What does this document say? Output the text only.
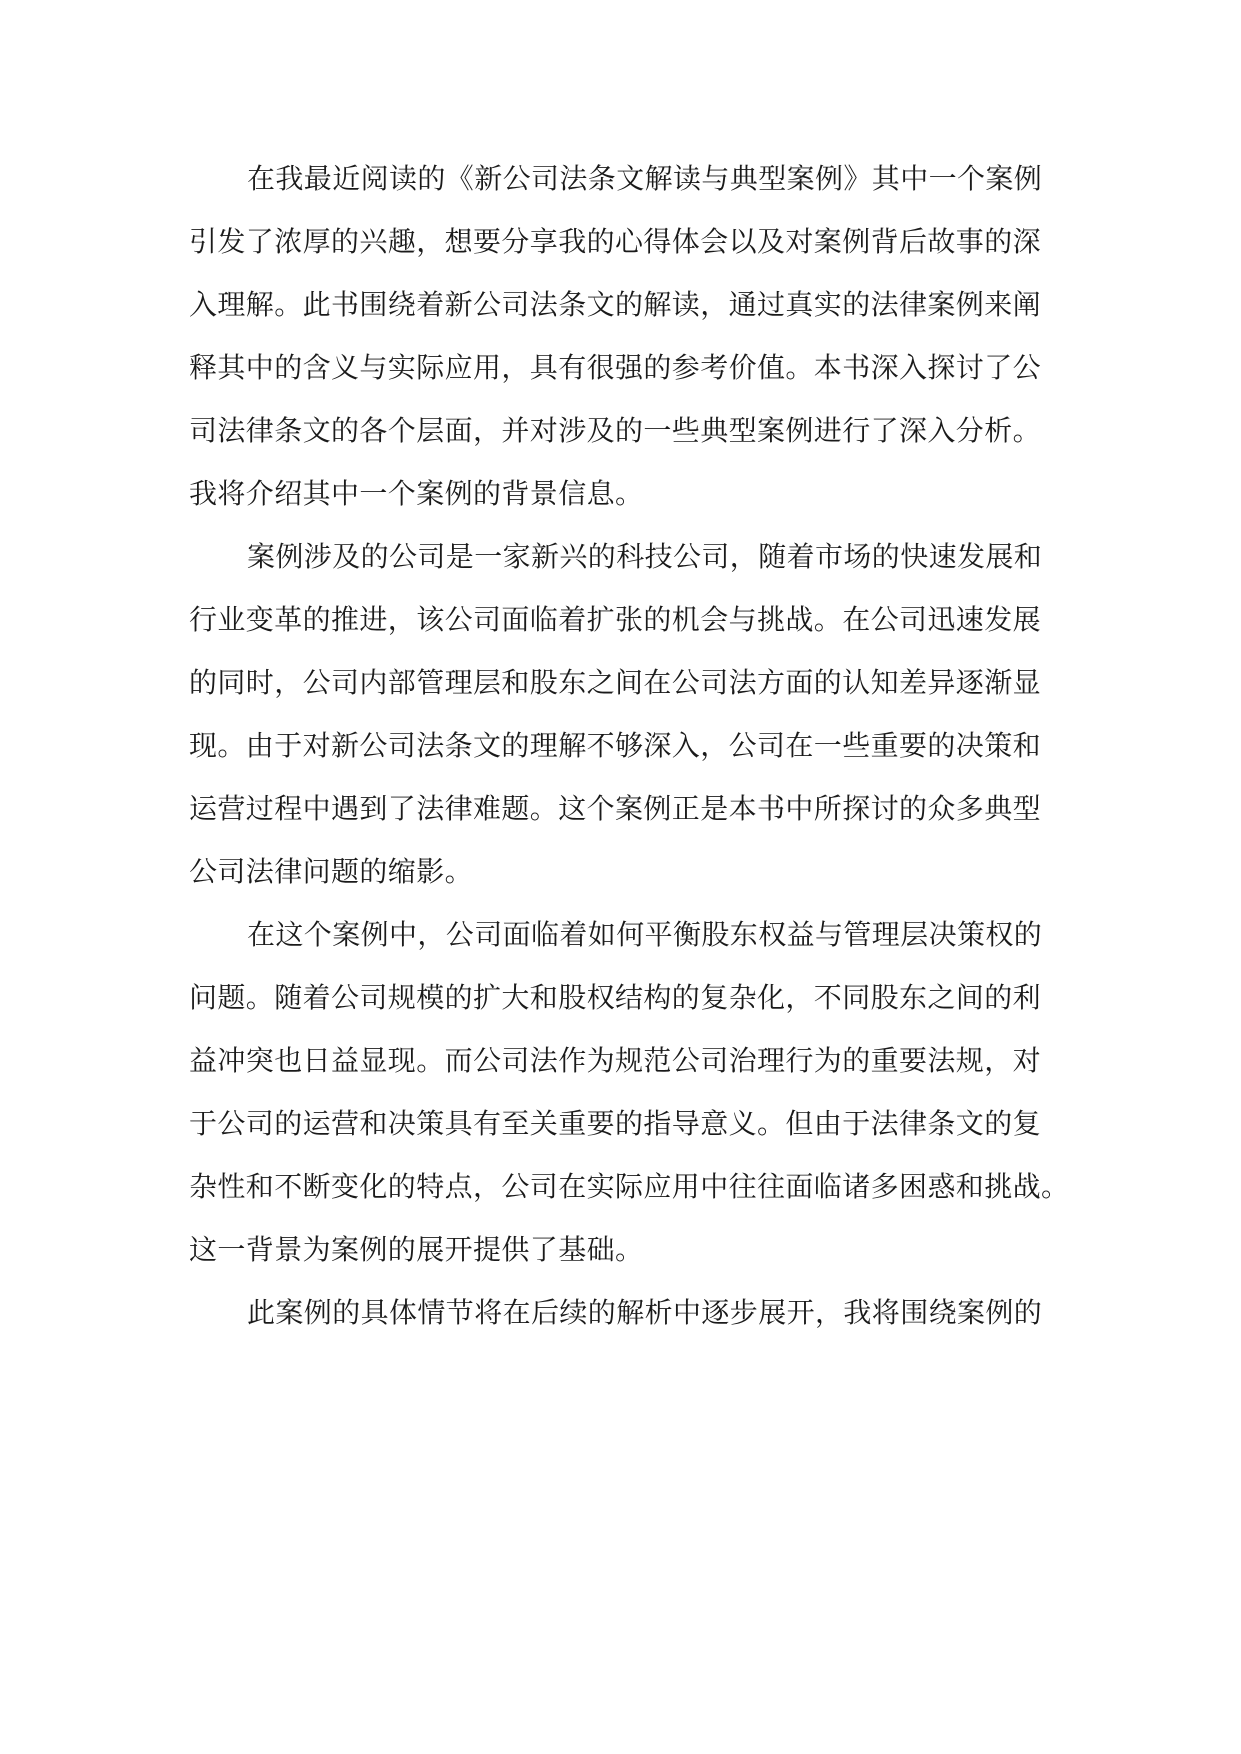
在我最近阅读的《新公司法条文解读与典型案例》其中一个案例
引发了浓厚的兴趣，想要分享我的心得体会以及对案例背后故事的深
入理解。此书围绕着新公司法条文的解读，通过真实的法律案例来阐
释其中的含义与实际应用，具有很强的参考价值。本书深入探讨了公
司法律条文的各个层面，并对涉及的一些典型案例进行了深入分析。
我将介绍其中一个案例的背景信息。
案例涉及的公司是一家新兴的科技公司，随着市场的快速发展和
行业变革的推进，该公司面临着扩张的机会与挑战。在公司迅速发展
的同时，公司内部管理层和股东之间在公司法方面的认知差异逐渐显
现。由于对新公司法条文的理解不够深入，公司在一些重要的决策和
运营过程中遇到了法律难题。这个案例正是本书中所探讨的众多典型
公司法律问题的缩影。
在这个案例中，公司面临着如何平衡股东权益与管理层决策权的
问题。随着公司规模的扩大和股权结构的复杂化，不同股东之间的利
益冲突也日益显现。而公司法作为规范公司治理行为的重要法规，对
于公司的运营和决策具有至关重要的指导意义。但由于法律条文的复
杂性和不断变化的特点，公司在实际应用中往往面临诸多困惑和挑战。
这一背景为案例的展开提供了基础。
此案例的具体情节将在后续的解析中逐步展开，我将围绕案例的
